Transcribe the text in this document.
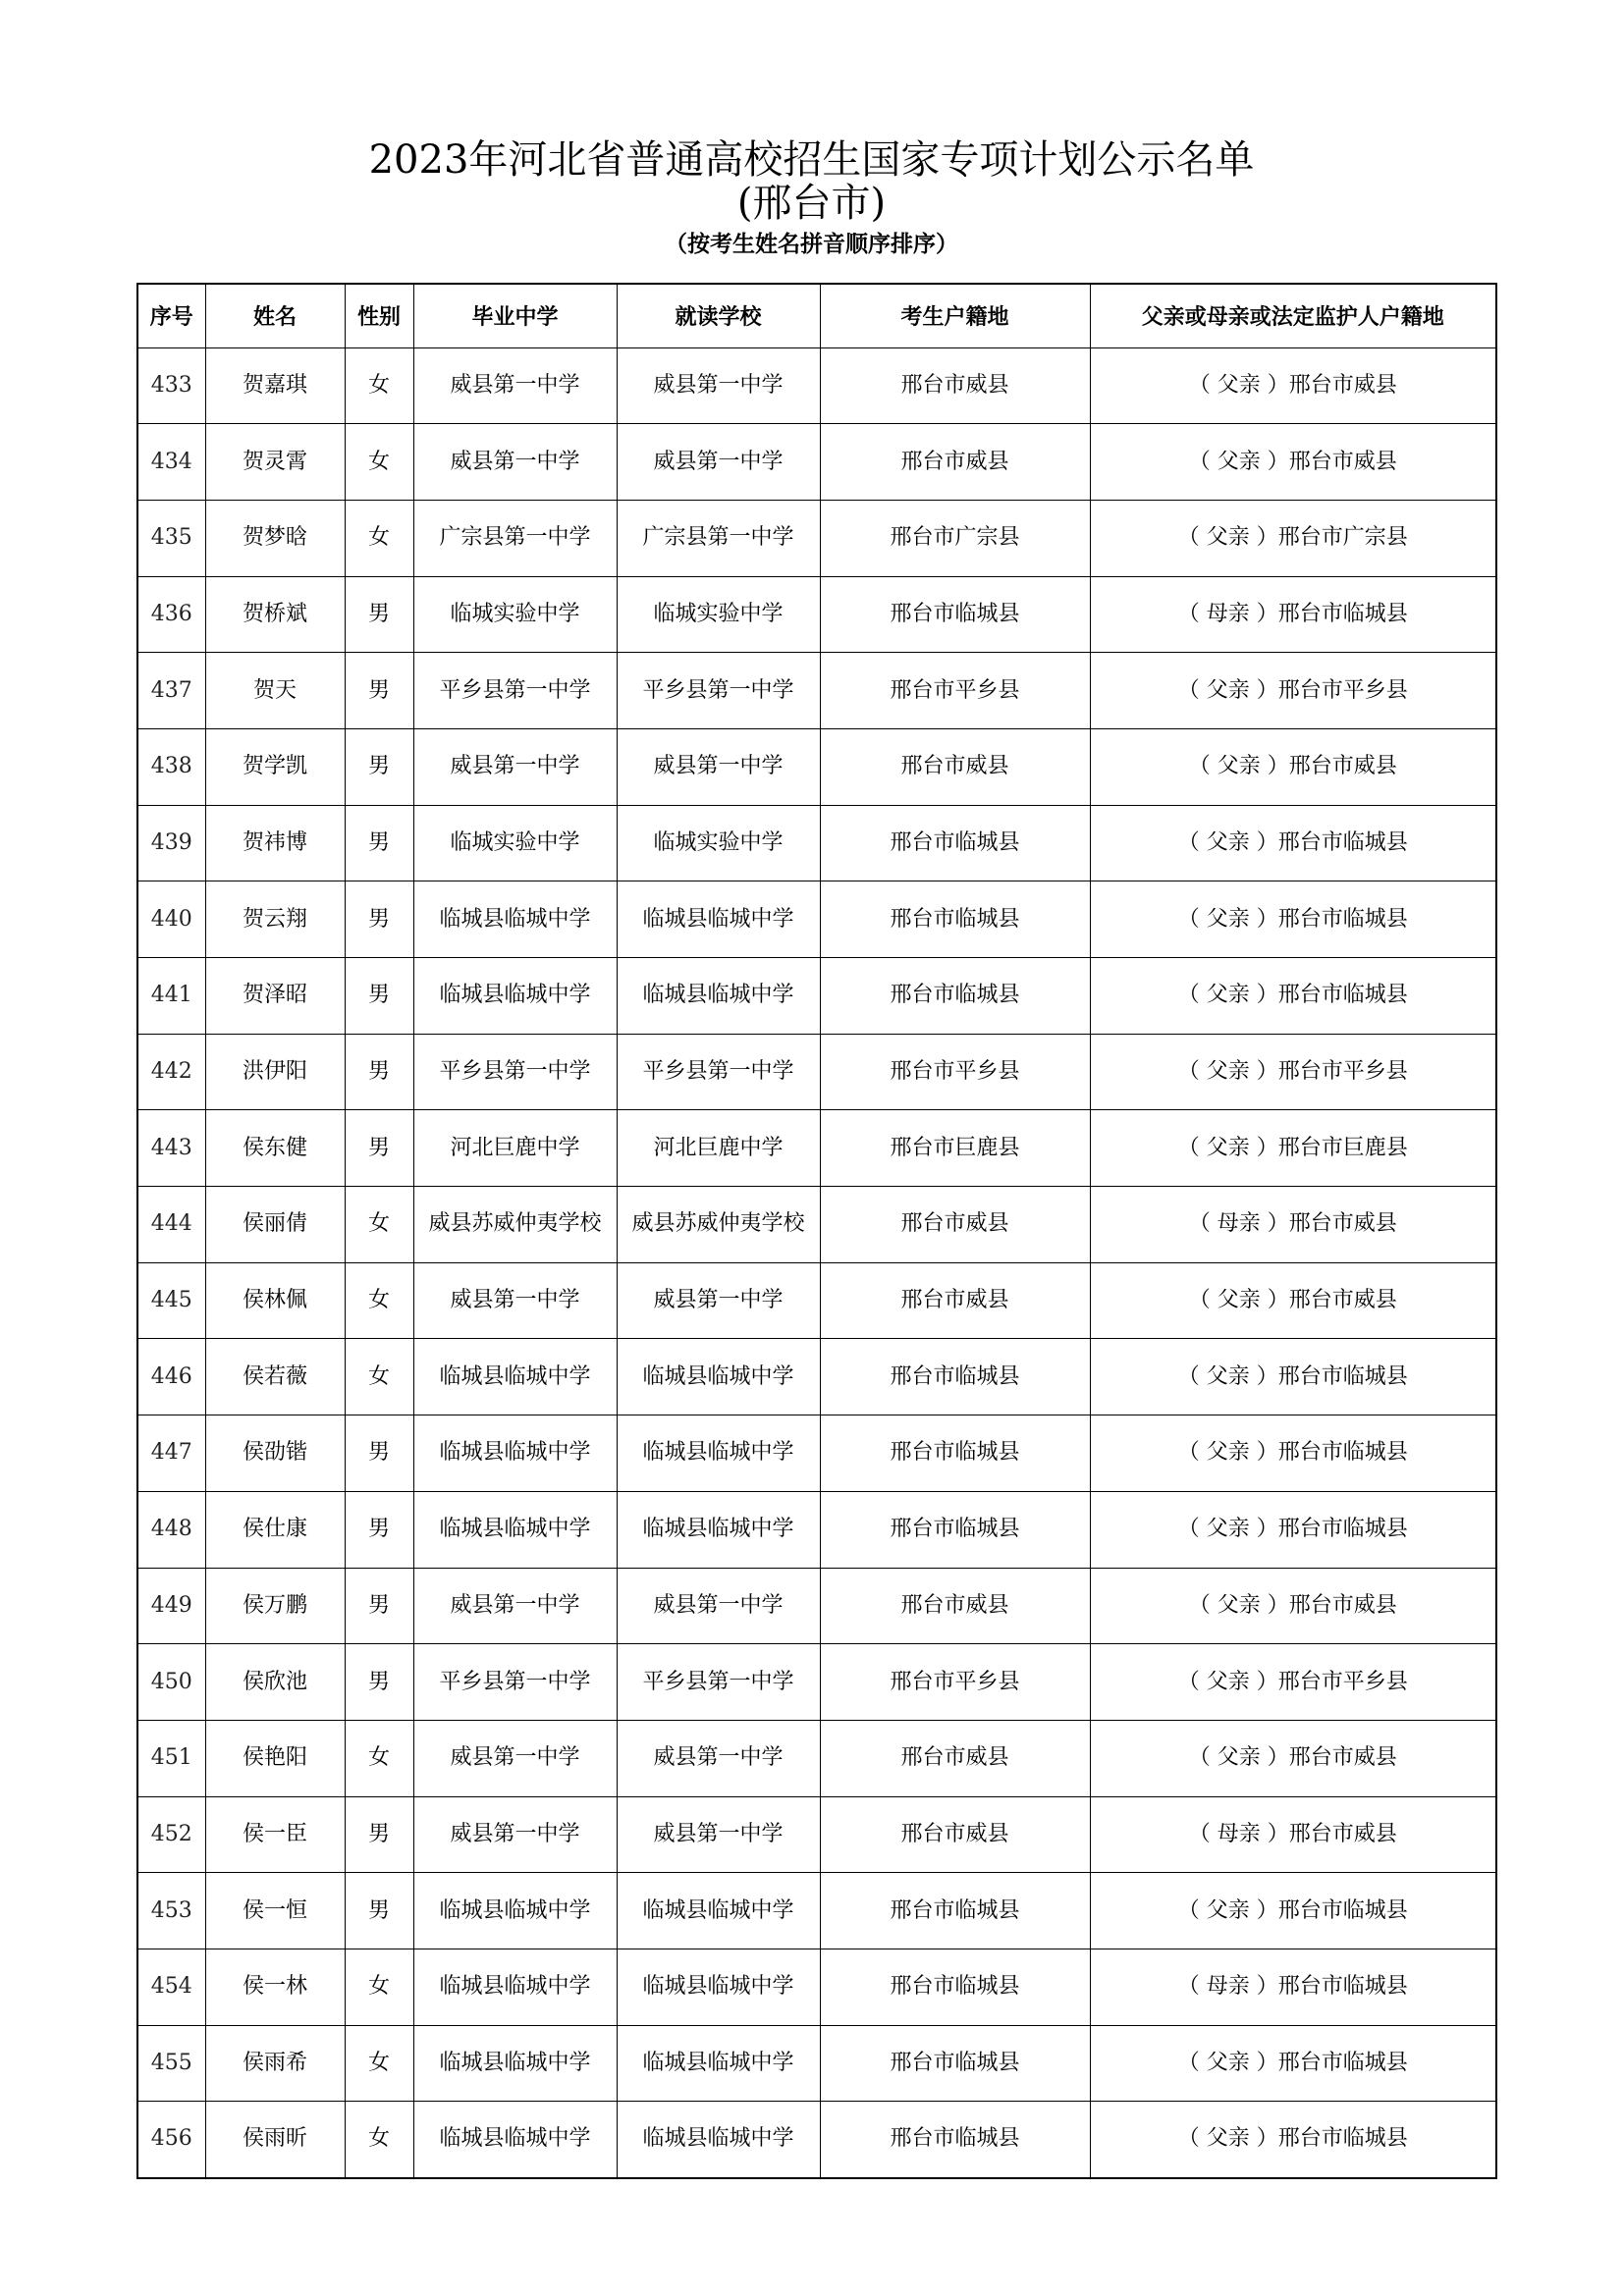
2023年河北省普通高校招生国家专项计划公示名单
(邢台市)
（按考生姓名拼音顺序排序）
序号	姓名	性别	毕业中学	就读学校	考生户籍地	父亲或母亲或法定监护人户籍地
433	贺嘉琪	女	威县第一中学	威县第一中学	邢台市威县	（ 父亲 ）邢台市威县
434	贺灵霄	女	威县第一中学	威县第一中学	邢台市威县	（ 父亲 ）邢台市威县
435	贺梦晗	女	广宗县第一中学	广宗县第一中学	邢台市广宗县	（ 父亲 ）邢台市广宗县
436	贺桥斌	男	临城实验中学	临城实验中学	邢台市临城县	（ 母亲 ）邢台市临城县
437	贺天	男	平乡县第一中学	平乡县第一中学	邢台市平乡县	（ 父亲 ）邢台市平乡县
438	贺学凯	男	威县第一中学	威县第一中学	邢台市威县	（ 父亲 ）邢台市威县
439	贺祎博	男	临城实验中学	临城实验中学	邢台市临城县	（ 父亲 ）邢台市临城县
440	贺云翔	男	临城县临城中学	临城县临城中学	邢台市临城县	（ 父亲 ）邢台市临城县
441	贺泽昭	男	临城县临城中学	临城县临城中学	邢台市临城县	（ 父亲 ）邢台市临城县
442	洪伊阳	男	平乡县第一中学	平乡县第一中学	邢台市平乡县	（ 父亲 ）邢台市平乡县
443	侯东健	男	河北巨鹿中学	河北巨鹿中学	邢台市巨鹿县	（ 父亲 ）邢台市巨鹿县
444	侯丽倩	女	威县苏威仲夷学校	威县苏威仲夷学校	邢台市威县	（ 母亲 ）邢台市威县
445	侯林佩	女	威县第一中学	威县第一中学	邢台市威县	（ 父亲 ）邢台市威县
446	侯若薇	女	临城县临城中学	临城县临城中学	邢台市临城县	（ 父亲 ）邢台市临城县
447	侯劭锴	男	临城县临城中学	临城县临城中学	邢台市临城县	（ 父亲 ）邢台市临城县
448	侯仕康	男	临城县临城中学	临城县临城中学	邢台市临城县	（ 父亲 ）邢台市临城县
449	侯万鹏	男	威县第一中学	威县第一中学	邢台市威县	（ 父亲 ）邢台市威县
450	侯欣池	男	平乡县第一中学	平乡县第一中学	邢台市平乡县	（ 父亲 ）邢台市平乡县
451	侯艳阳	女	威县第一中学	威县第一中学	邢台市威县	（ 父亲 ）邢台市威县
452	侯一臣	男	威县第一中学	威县第一中学	邢台市威县	（ 母亲 ）邢台市威县
453	侯一恒	男	临城县临城中学	临城县临城中学	邢台市临城县	（ 父亲 ）邢台市临城县
454	侯一林	女	临城县临城中学	临城县临城中学	邢台市临城县	（ 母亲 ）邢台市临城县
455	侯雨希	女	临城县临城中学	临城县临城中学	邢台市临城县	（ 父亲 ）邢台市临城县
456	侯雨昕	女	临城县临城中学	临城县临城中学	邢台市临城县	（ 父亲 ）邢台市临城县
